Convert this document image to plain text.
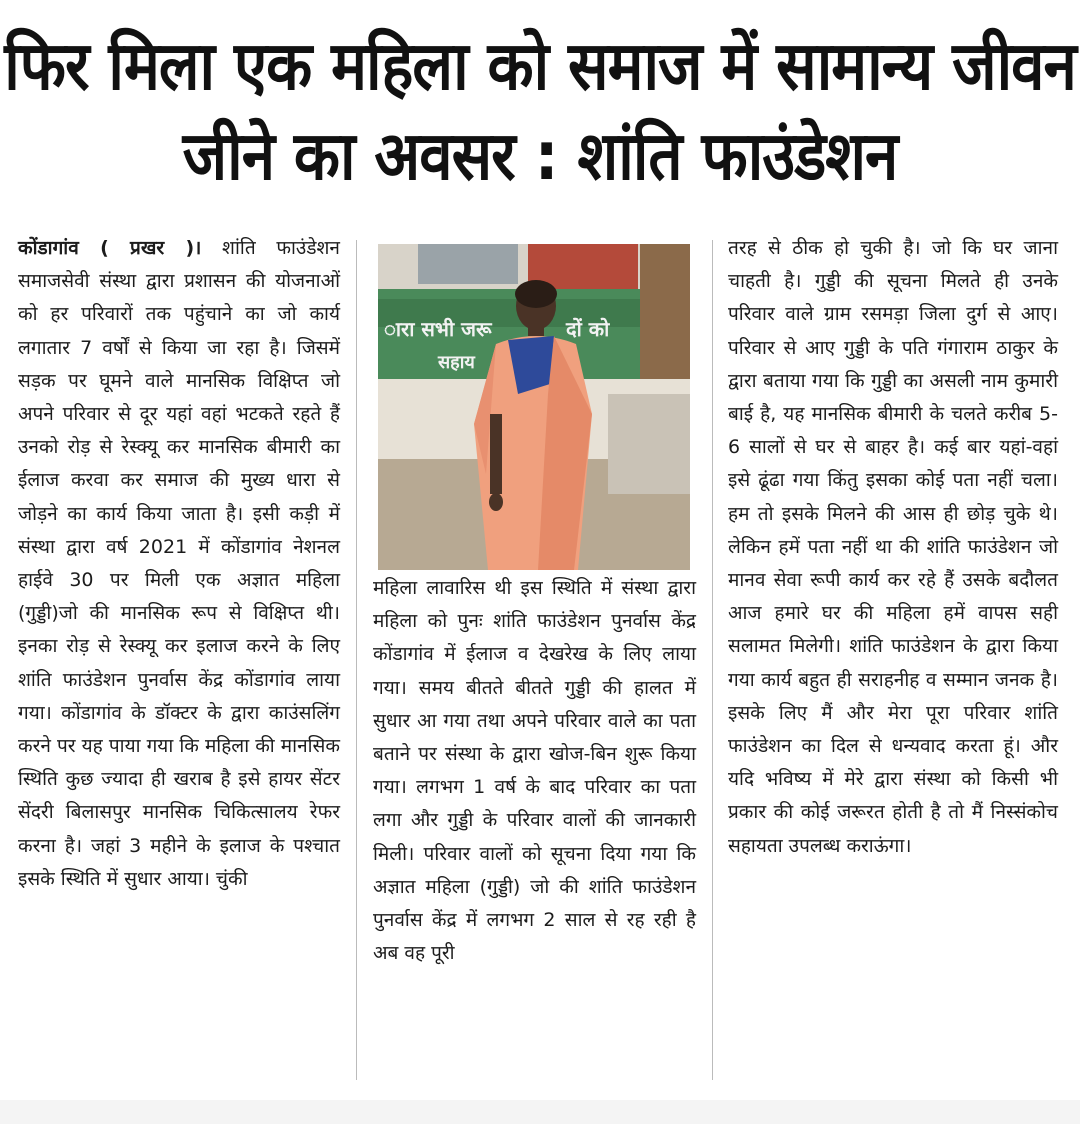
फिर मिला एक महिला को समाज में सामान्य जीवन
जीने का अवसर : शांति फाउंडेशन

कोंडागांव ( प्रखर )। शांति फाउंडेशन समाजसेवी संस्था द्वारा प्रशासन की योजनाओं को हर परिवारों तक पहुंचाने का जो कार्य लगातार 7 वर्षों से किया जा रहा है। जिसमें सड़क पर घूमने वाले मानसिक विक्षिप्त जो अपने परिवार से दूर यहां वहां भटकते रहते हैं उनको रोड़ से रेस्क्यू कर मानसिक बीमारी का ईलाज करवा कर समाज की मुख्य धारा से जोड़ने का कार्य किया जाता है। इसी कड़ी में संस्था द्वारा वर्ष 2021 में कोंडागांव नेशनल हाईवे 30 पर मिली एक अज्ञात महिला (गुड्डी)जो की मानसिक रूप से विक्षिप्त थी। इनका रोड़ से रेस्क्यू कर इलाज करने के लिए शांति फाउंडेशन पुनर्वास केंद्र कोंडागांव लाया गया। कोंडागांव के डॉक्टर के द्वारा काउंसलिंग करने पर यह पाया गया कि महिला की मानसिक स्थिति कुछ ज्यादा ही खराब है इसे हायर सेंटर सेंदरी बिलासपुर मानसिक चिकित्सालय रेफर करना है। जहां 3 महीने के इलाज के पश्चात इसके स्थिति में सुधार आया। चुंकी

ारा सभी जरू	दों को
सहाय

महिला लावारिस थी इस स्थिति में संस्था द्वारा महिला को पुनः शांति फाउंडेशन पुनर्वास केंद्र कोंडागांव में ईलाज व देखरेख के लिए लाया गया। समय बीतते बीतते गुड्डी की हालत में सुधार आ गया तथा अपने परिवार वाले का पता बताने पर संस्था के द्वारा खोज-बिन शुरू किया गया। लगभग 1 वर्ष के बाद परिवार का पता लगा और गुड्डी के परिवार वालों की जानकारी मिली। परिवार वालों को सूचना दिया गया कि अज्ञात महिला (गुड्डी) जो की शांति फाउंडेशन पुनर्वास केंद्र में लगभग 2 साल से रह रही है अब वह पूरी

तरह से ठीक हो चुकी है। जो कि घर जाना चाहती है। गुड्डी की सूचना मिलते ही उनके परिवार वाले ग्राम रसमड़ा जिला दुर्ग से आए। परिवार से आए गुड्डी के पति गंगाराम ठाकुर के द्वारा बताया गया कि गुड्डी का असली नाम कुमारी बाई है, यह मानसिक बीमारी के चलते करीब 5-6 सालों से घर से बाहर है। कई बार यहां-वहां इसे ढूंढा गया किंतु इसका कोई पता नहीं चला। हम तो इसके मिलने की आस ही छोड़ चुके थे। लेकिन हमें पता नहीं था की शांति फाउंडेशन जो मानव सेवा रूपी कार्य कर रहे हैं उसके बदौलत आज हमारे घर की महिला हमें वापस सही सलामत मिलेगी। शांति फाउंडेशन के द्वारा किया गया कार्य बहुत ही सराहनीह व सम्मान जनक है। इसके लिए मैं और मेरा पूरा परिवार शांति फाउंडेशन का दिल से धन्यवाद करता हूं। और यदि भविष्य में मेरे द्वारा संस्था को किसी भी प्रकार की कोई जरूरत होती है तो मैं निस्संकोच सहायता उपलब्ध कराऊंगा।
